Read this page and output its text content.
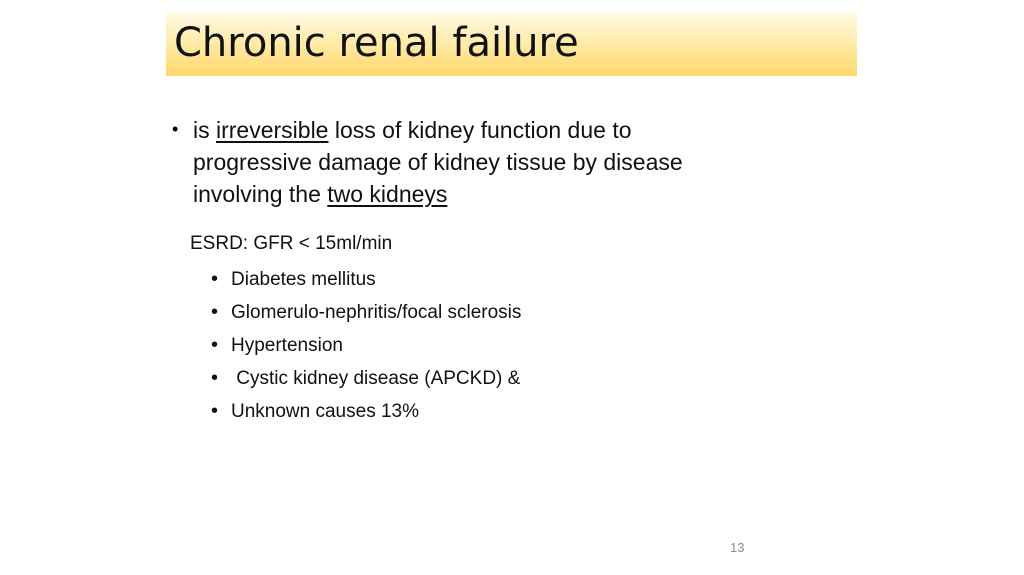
Chronic renal failure
• is irreversible loss of kidney function due to
progressive damage of kidney tissue by disease
involving the two kidneys
ESRD: GFR < 15ml/min
• Diabetes mellitus
• Glomerulo-nephritis/focal sclerosis
• Hypertension
• Cystic kidney disease (APCKD) &
• Unknown causes 13%
13
